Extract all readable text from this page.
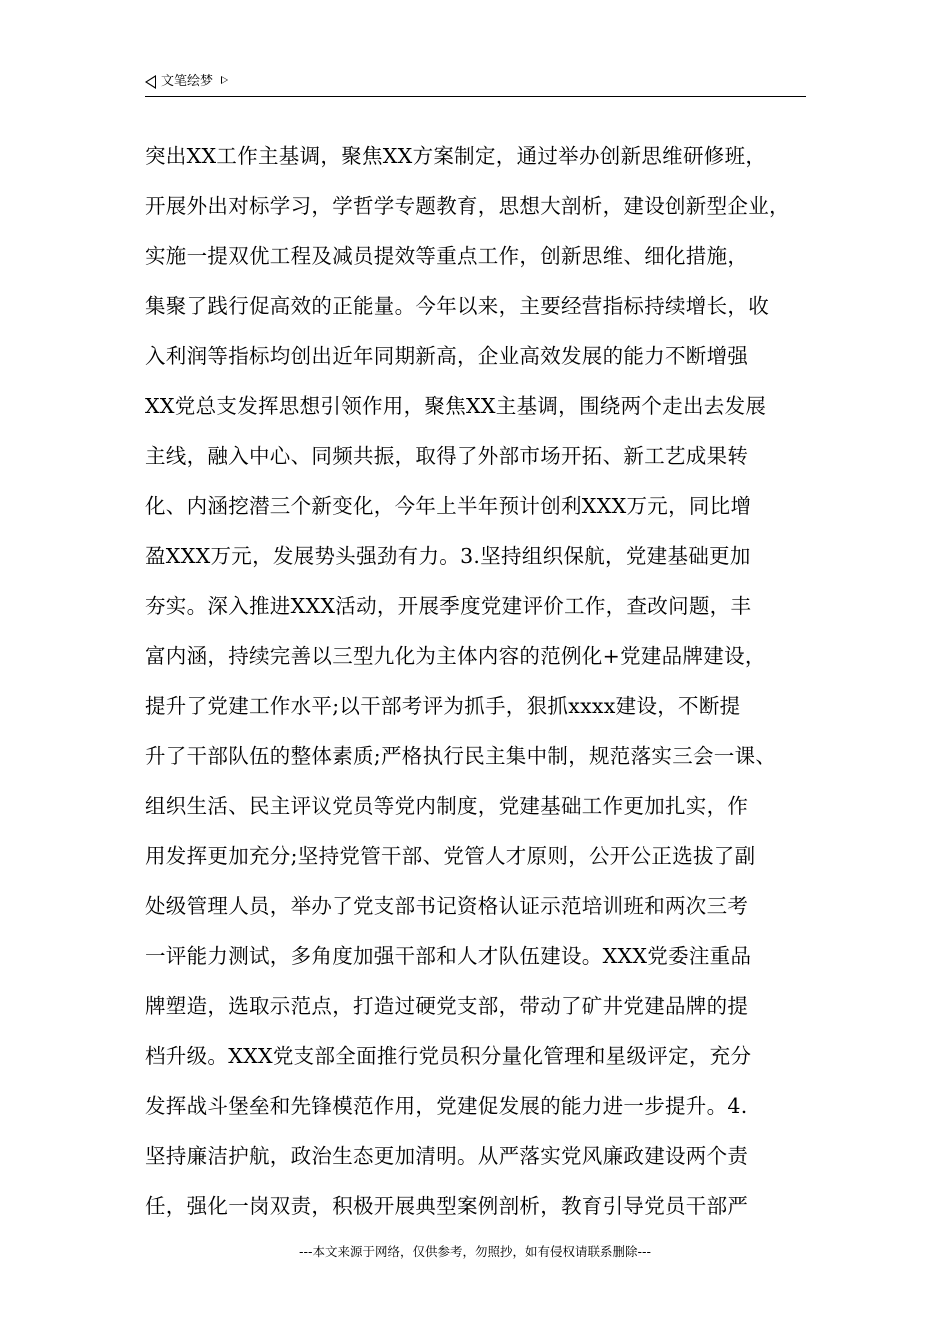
文笔绘梦
突出XX工作主基调，聚焦XX方案制定，通过举办创新思维研修班，
开展外出对标学习，学哲学专题教育，思想大剖析，建设创新型企业，
实施一提双优工程及减员提效等重点工作，创新思维、细化措施，
集聚了践行促高效的正能量。今年以来，主要经营指标持续增长，收
入利润等指标均创出近年同期新高，企业高效发展的能力不断增强
XX党总支发挥思想引领作用，聚焦XX主基调，围绕两个走出去发展
主线，融入中心、同频共振，取得了外部市场开拓、新工艺成果转
化、内涵挖潜三个新变化，今年上半年预计创利XXX万元，同比增
盈XXX万元，发展势头强劲有力。3.坚持组织保航，党建基础更加
夯实。深入推进XXX活动，开展季度党建评价工作，查改问题，丰
富内涵，持续完善以三型九化为主体内容的范例化+党建品牌建设，
提升了党建工作水平;以干部考评为抓手，狠抓xxxx建设，不断提
升了干部队伍的整体素质;严格执行民主集中制，规范落实三会一课、
组织生活、民主评议党员等党内制度，党建基础工作更加扎实，作
用发挥更加充分;坚持党管干部、党管人才原则，公开公正选拔了副
处级管理人员，举办了党支部书记资格认证示范培训班和两次三考
一评能力测试，多角度加强干部和人才队伍建设。XXX党委注重品
牌塑造，选取示范点，打造过硬党支部，带动了矿井党建品牌的提
档升级。XXX党支部全面推行党员积分量化管理和星级评定，充分
发挥战斗堡垒和先锋模范作用，党建促发展的能力进一步提升。4.
坚持廉洁护航，政治生态更加清明。从严落实党风廉政建设两个责
任，强化一岗双责，积极开展典型案例剖析，教育引导党员干部严
---本文来源于网络，仅供参考，勿照抄，如有侵权请联系删除---
